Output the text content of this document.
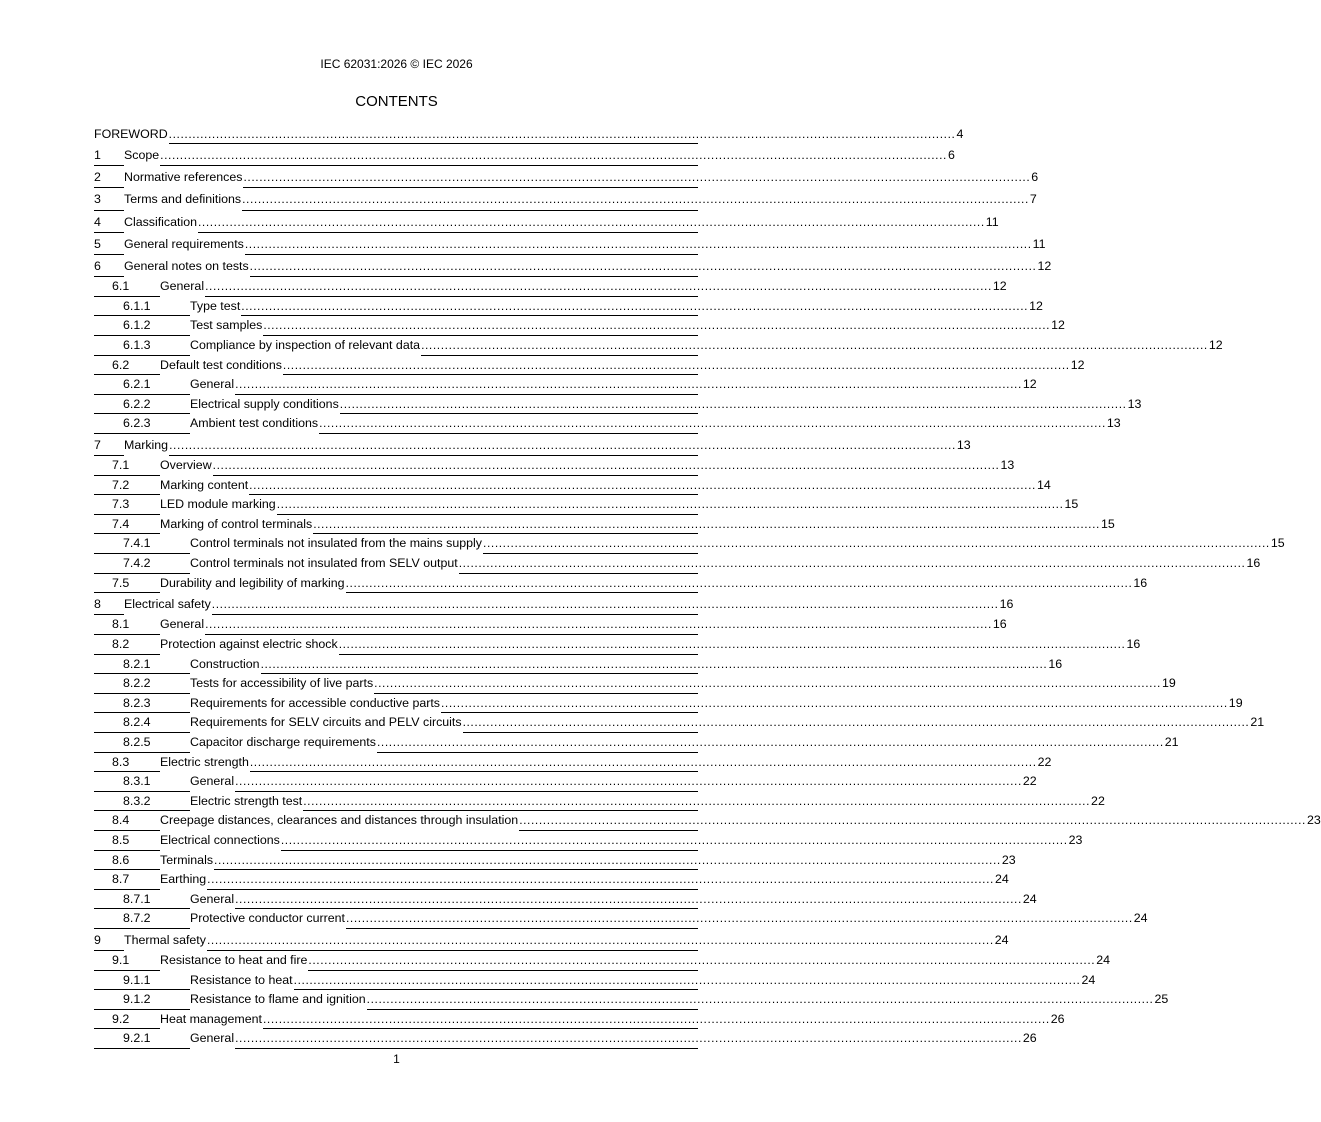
IEC 62031:2026 © IEC 2026
CONTENTS
FOREWORD ........................................................................................................................................................................................................ 4
1 Scope ........................................................................................................................................................................................................ 6
2 Normative references ........................................................................................................................................................................................................ 6
3 Terms and definitions ........................................................................................................................................................................................................ 7
4 Classification ........................................................................................................................................................................................................ 11
5 General requirements ........................................................................................................................................................................................................ 11
6 General notes on tests ........................................................................................................................................................................................................ 12
6.1 General ........................................................................................................................................................................................................ 12
6.1.1	Type test ........................................................................................................................................................................................................ 12
6.1.2	Test samples ........................................................................................................................................................................................................ 12
6.1.3	Compliance by inspection of relevant data ........................................................................................................................................................................................................ 12
6.2 Default test conditions ........................................................................................................................................................................................................ 12
6.2.1	General ........................................................................................................................................................................................................ 12
6.2.2	Electrical supply conditions ........................................................................................................................................................................................................ 13
6.2.3	Ambient test conditions ........................................................................................................................................................................................................ 13
7 Marking ........................................................................................................................................................................................................ 13
7.1 Overview ........................................................................................................................................................................................................ 13
7.2 Marking content ........................................................................................................................................................................................................ 14
7.3 LED module marking ........................................................................................................................................................................................................ 15
7.4 Marking of control terminals ........................................................................................................................................................................................................ 15
7.4.1	Control terminals not insulated from the mains supply ........................................................................................................................................................................................................ 15
7.4.2	Control terminals not insulated from SELV output ........................................................................................................................................................................................................ 16
7.5 Durability and legibility of marking ........................................................................................................................................................................................................ 16
8 Electrical safety ........................................................................................................................................................................................................ 16
8.1 General ........................................................................................................................................................................................................ 16
8.2 Protection against electric shock ........................................................................................................................................................................................................ 16
8.2.1	Construction ........................................................................................................................................................................................................ 16
8.2.2	Tests for accessibility of live parts ........................................................................................................................................................................................................ 19
8.2.3	Requirements for accessible conductive parts ........................................................................................................................................................................................................ 19
8.2.4	Requirements for SELV circuits and PELV circuits ........................................................................................................................................................................................................ 21
8.2.5	Capacitor discharge requirements ........................................................................................................................................................................................................ 21
8.3 Electric strength ........................................................................................................................................................................................................ 22
8.3.1	General ........................................................................................................................................................................................................ 22
8.3.2	Electric strength test ........................................................................................................................................................................................................ 22
8.4 Creepage distances, clearances and distances through insulation ........................................................................................................................................................................................................ 23
8.5 Electrical connections ........................................................................................................................................................................................................ 23
8.6 Terminals ........................................................................................................................................................................................................ 23
8.7 Earthing ........................................................................................................................................................................................................ 24
8.7.1	General ........................................................................................................................................................................................................ 24
8.7.2	Protective conductor current ........................................................................................................................................................................................................ 24
9 Thermal safety ........................................................................................................................................................................................................ 24
9.1 Resistance to heat and fire ........................................................................................................................................................................................................ 24
9.1.1	Resistance to heat ........................................................................................................................................................................................................ 24
9.1.2	Resistance to flame and ignition ........................................................................................................................................................................................................ 25
9.2 Heat management ........................................................................................................................................................................................................ 26
9.2.1	General ........................................................................................................................................................................................................ 26
1
